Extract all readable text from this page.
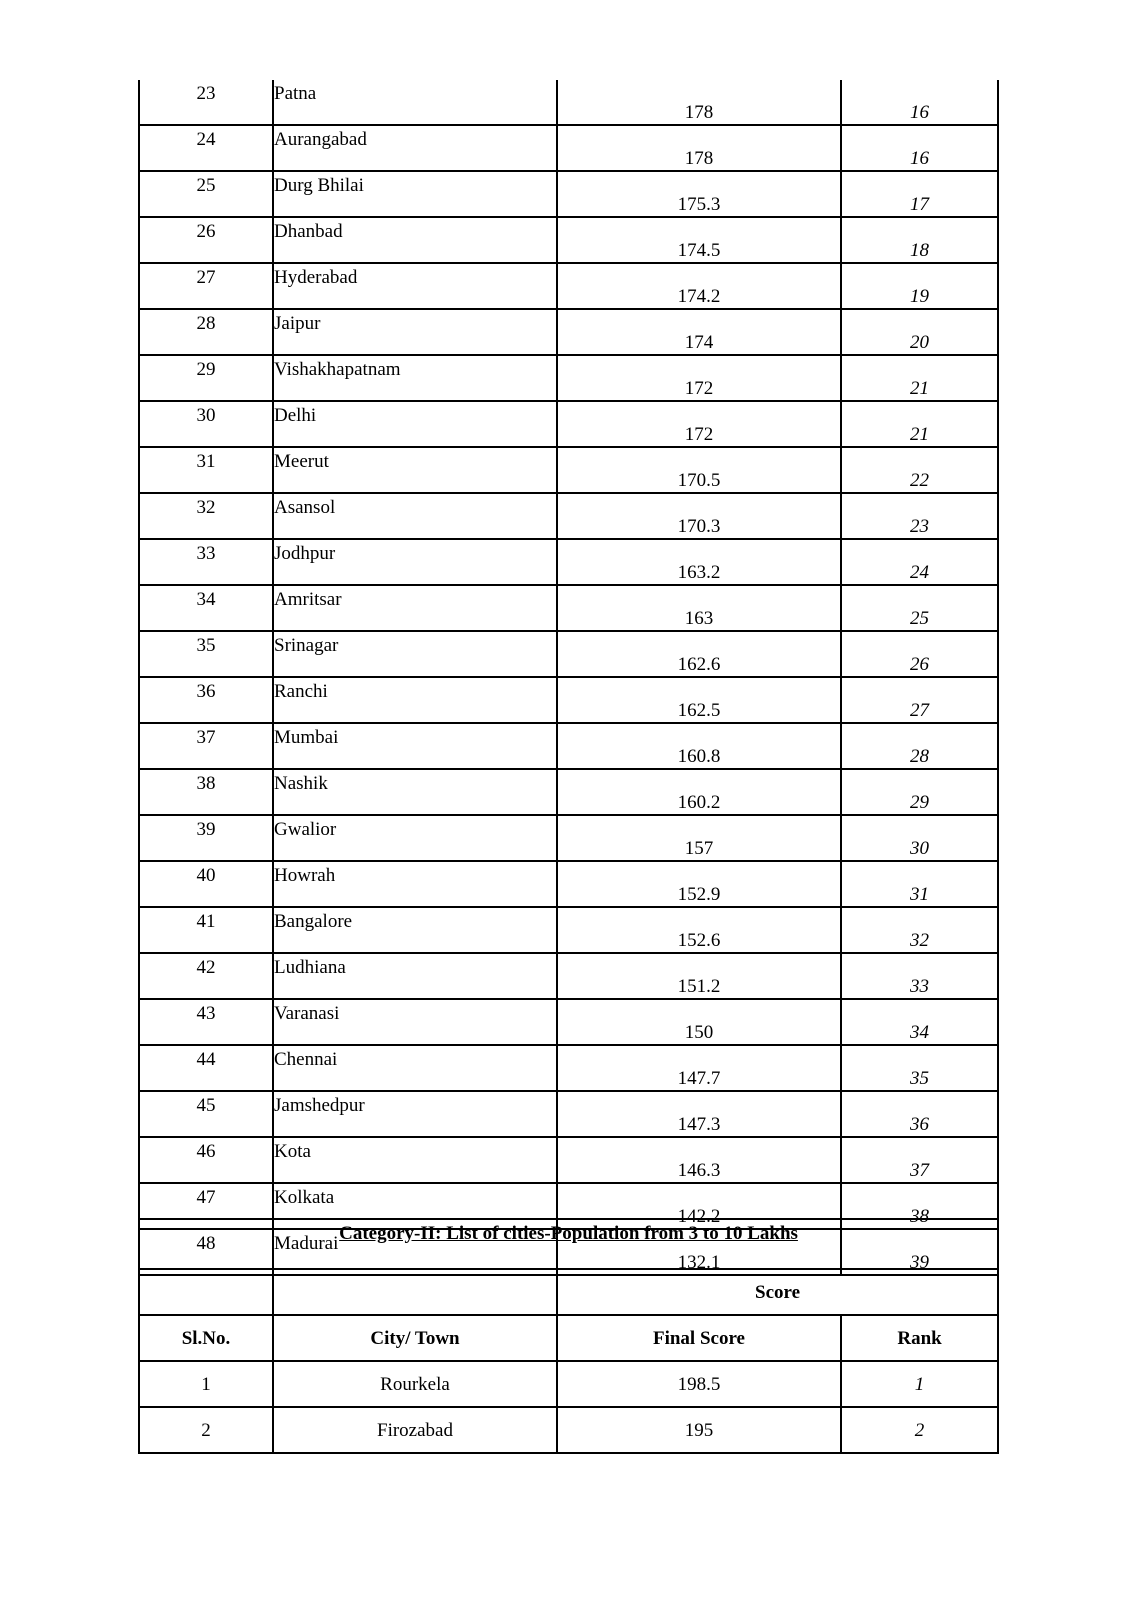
23	Patna	178	16
24	Aurangabad	178	16
25	Durg Bhilai	175.3	17
26	Dhanbad	174.5	18
27	Hyderabad	174.2	19
28	Jaipur	174	20
29	Vishakhapatnam	172	21
30	Delhi	172	21
31	Meerut	170.5	22
32	Asansol	170.3	23
33	Jodhpur	163.2	24
34	Amritsar	163	25
35	Srinagar	162.6	26
36	Ranchi	162.5	27
37	Mumbai	160.8	28
38	Nashik	160.2	29
39	Gwalior	157	30
40	Howrah	152.9	31
41	Bangalore	152.6	32
42	Ludhiana	151.2	33
43	Varanasi	150	34
44	Chennai	147.7	35
45	Jamshedpur	147.3	36
46	Kota	146.3	37
47	Kolkata	142.2	38
48	Madurai	132.1	39
Category-II: List of cities-Population from 3 to 10 Lakhs			
		Score	
Sl.No.	City/ Town	Final Score	Rank
1	Rourkela	198.5	1
2	Firozabad	195	2
